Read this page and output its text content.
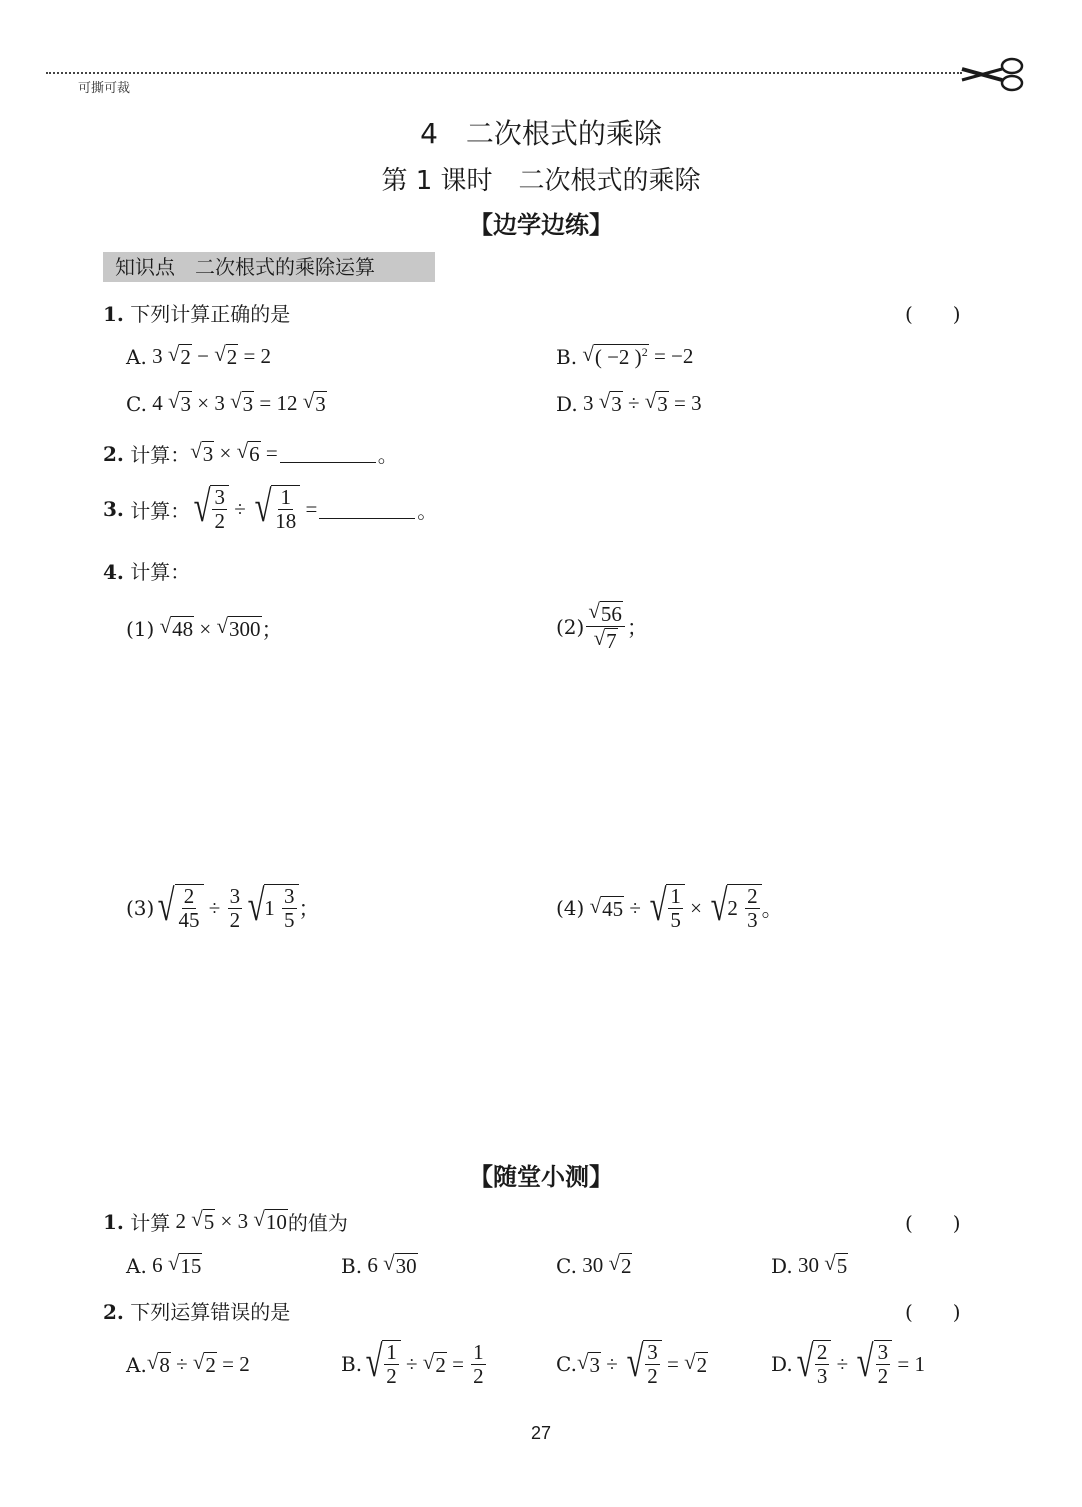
可撕可裁
4　二次根式的乘除
第 1 课时　二次根式的乘除
【边学边练】
知识点　二次根式的乘除运算
1. 下列计算正确的是	(　　)
A. 3 √ 2 − √ 2 = 2	B.
√ ( −2 )$^2$ = −2
C. 4 √ 3 × 3 √ 3 = 12 √ 3	D. 3 √ 3 ÷ √ 3 = 3
2.
计算： √ 3 × √ 6 =	。
3.
计算： √ $\frac{3}{2}$ ÷ √ $\frac{1}{18}$ =	。
4. 计算：
(1)
√ 48 × √ 300 ；	$(2) \frac{√ 56}{√ 7}$ ；
(3) √ $\frac{2}{45} \div \frac{3}{2}$ √ $1 \frac{3}{5}$ ；	(4)
√ 45 ÷ √ $\frac{1}{5}$ × √ $2 \frac{2}{3}$ 。
【随堂小测】
1.
计算 2 √ 5 × 3 √ 10 的值为	(　　)
A. 6 √ 15	B. 6 √ 30	C. 30 √ 2	D. 30 √ 5
2. 下列运算错误的是	(　　)
A. √ 8 ÷ √ 2 = 2	B. √ $\frac{1}{2}$ ÷ √ $2 = \frac{1}{2}$	C. √ 3 ÷ √ $\frac{3}{2}$ = √ 2	D. √ $\frac{2}{3}$ ÷ √ $\frac{3}{2} = 1$
27
